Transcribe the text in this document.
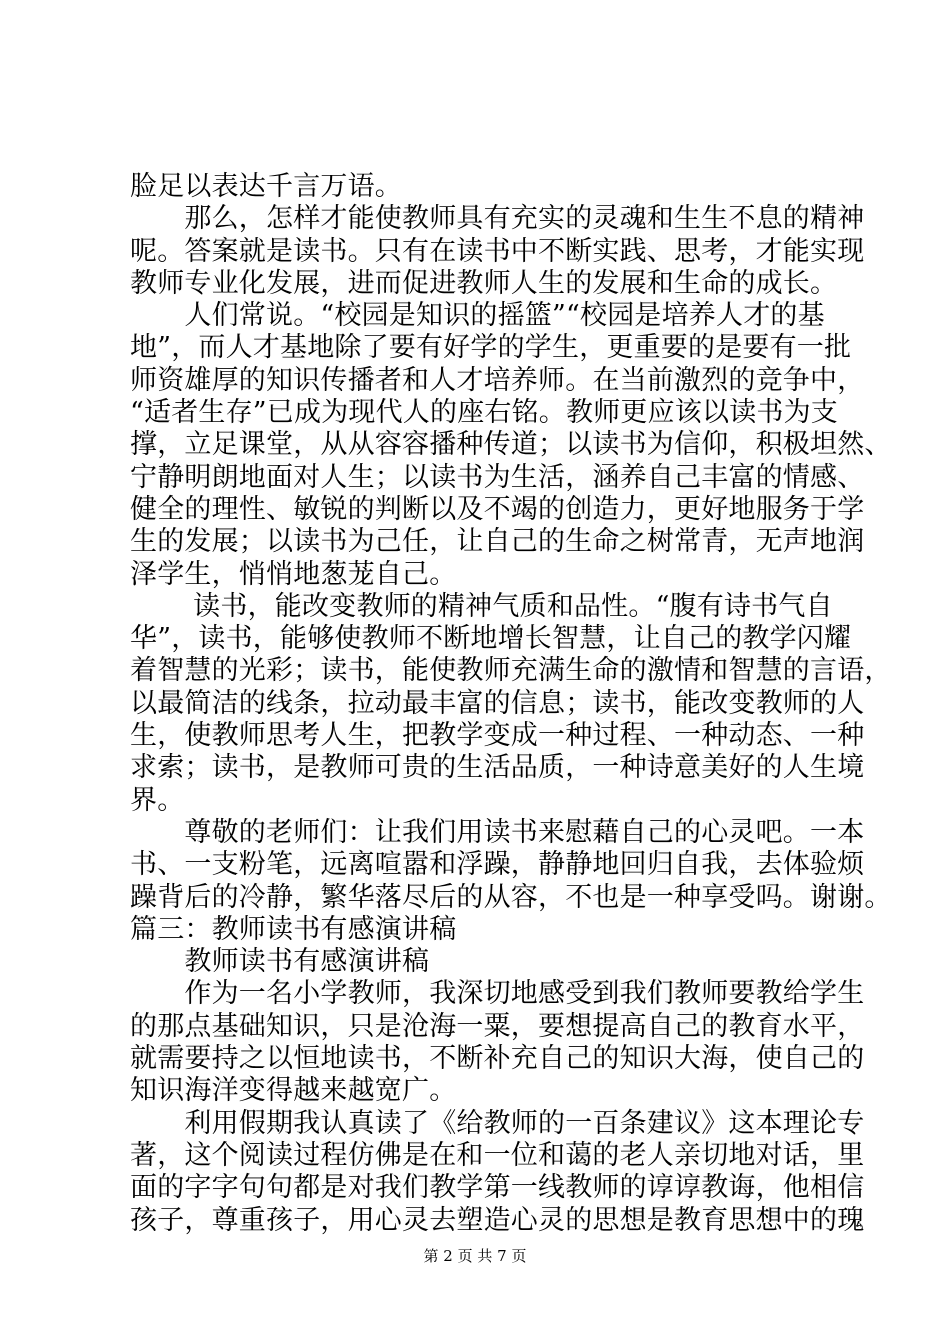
脸足以表达千言万语。
　　那么，怎样才能使教师具有充实的灵魂和生生不息的精神
呢。答案就是读书。只有在读书中不断实践、思考，才能实现
教师专业化发展，进而促进教师人生的发展和生命的成长。
　　人们常说。“校园是知识的摇篮”“校园是培养人才的基
地”，而人才基地除了要有好学的学生，更重要的是要有一批
师资雄厚的知识传播者和人才培养师。在当前激烈的竞争中，
“适者生存”已成为现代人的座右铭。教师更应该以读书为支
撑，立足课堂，从从容容播种传道；以读书为信仰，积极坦然、
宁静明朗地面对人生；以读书为生活，涵养自己丰富的情感、
健全的理性、敏锐的判断以及不竭的创造力，更好地服务于学
生的发展；以读书为己任，让自己的生命之树常青，无声地润
泽学生，悄悄地葱茏自己。
　　 读书，能改变教师的精神气质和品性。“腹有诗书气自
华”，读书，能够使教师不断地增长智慧，让自己的教学闪耀
着智慧的光彩；读书，能使教师充满生命的激情和智慧的言语，
以最简洁的线条，拉动最丰富的信息；读书，能改变教师的人
生，使教师思考人生，把教学变成一种过程、一种动态、一种
求索；读书，是教师可贵的生活品质，一种诗意美好的人生境
界。
　　尊敬的老师们：让我们用读书来慰藉自己的心灵吧。一本
书、一支粉笔，远离喧嚣和浮躁，静静地回归自我，去体验烦
躁背后的冷静，繁华落尽后的从容，不也是一种享受吗。谢谢。
篇三：教师读书有感演讲稿
　　教师读书有感演讲稿
　　作为一名小学教师，我深切地感受到我们教师要教给学生
的那点基础知识，只是沧海一粟，要想提高自己的教育水平，
就需要持之以恒地读书，不断补充自己的知识大海，使自己的
知识海洋变得越来越宽广。
　　利用假期我认真读了《给教师的一百条建议》这本理论专
著，这个阅读过程仿佛是在和一位和蔼的老人亲切地对话，里
面的字字句句都是对我们教学第一线教师的谆谆教诲，他相信
孩子，尊重孩子，用心灵去塑造心灵的思想是教育思想中的瑰
第 2 页 共 7 页
